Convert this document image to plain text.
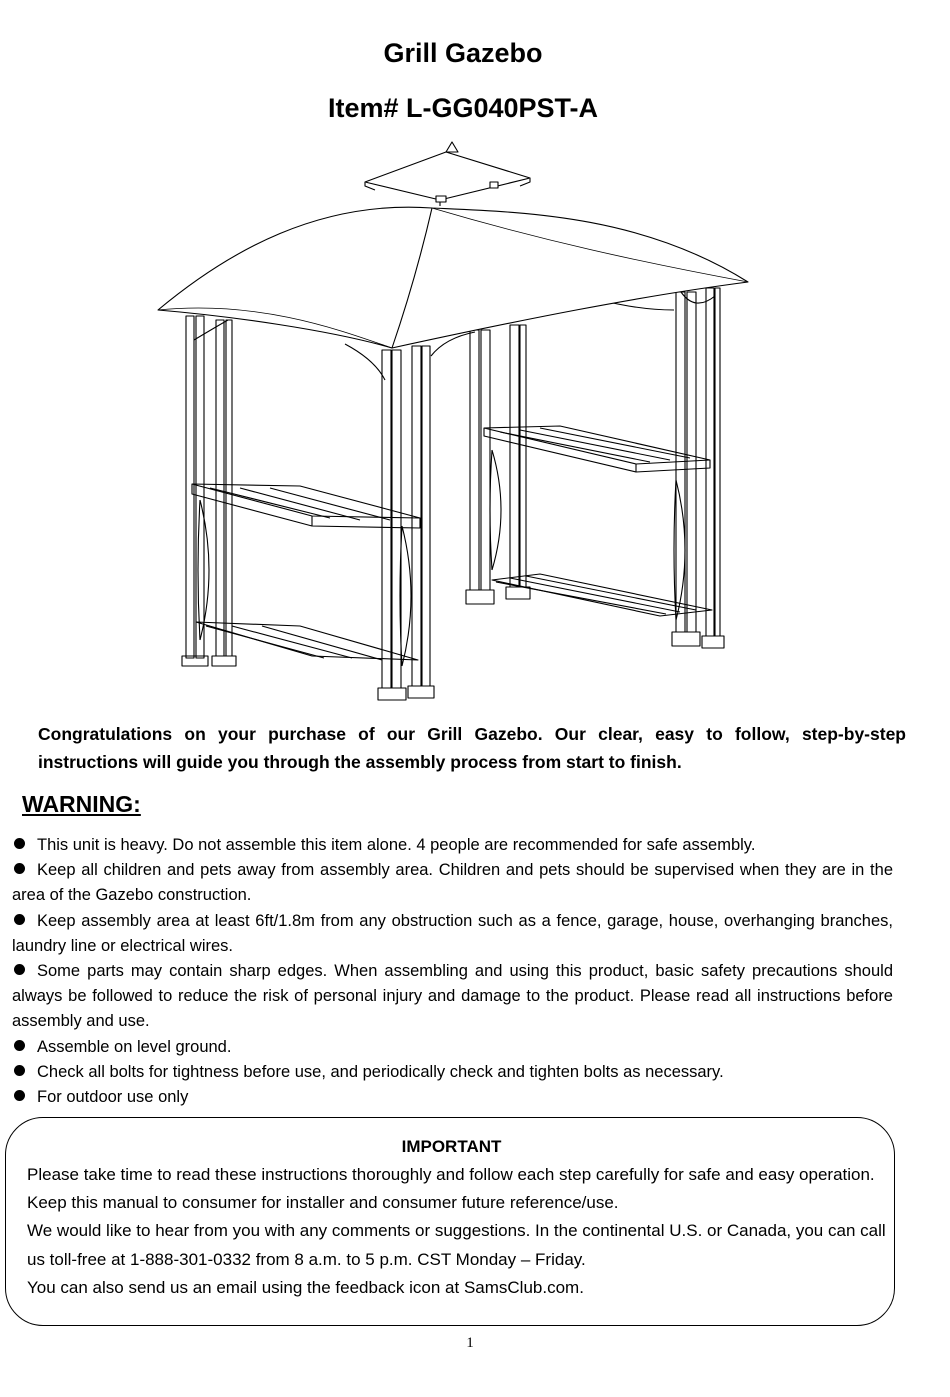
Grill Gazebo
Item# L-GG040PST-A
Congratulations on your purchase of our Grill Gazebo. Our clear, easy to follow, step-by-step instructions will guide you through the assembly process from start to finish.
WARNING:
This unit is heavy. Do not assemble this item alone. 4 people are recommended for safe assembly.
Keep all children and pets away from assembly area. Children and pets should be supervised when they are in the area of the Gazebo construction.
Keep assembly area at least 6ft/1.8m from any obstruction such as a fence, garage, house, overhanging branches, laundry line or electrical wires.
Some parts may contain sharp edges. When assembling and using this product, basic safety precautions should always be followed to reduce the risk of personal injury and damage to the product. Please read all instructions before assembly and use.
Assemble on level ground.
Check all bolts for tightness before use, and periodically check and tighten bolts as necessary.
For outdoor use only
IMPORTANT

Please take time to read these instructions thoroughly and follow each step carefully for safe and easy operation. Keep this manual to consumer for installer and consumer future reference/use.

We would like to hear from you with any comments or suggestions. In the continental U.S. or Canada, you can call us toll-free at 1-888-301-0332 from 8 a.m. to 5 p.m. CST Monday – Friday.

You can also send us an email using the feedback icon at SamsClub.com.

1
